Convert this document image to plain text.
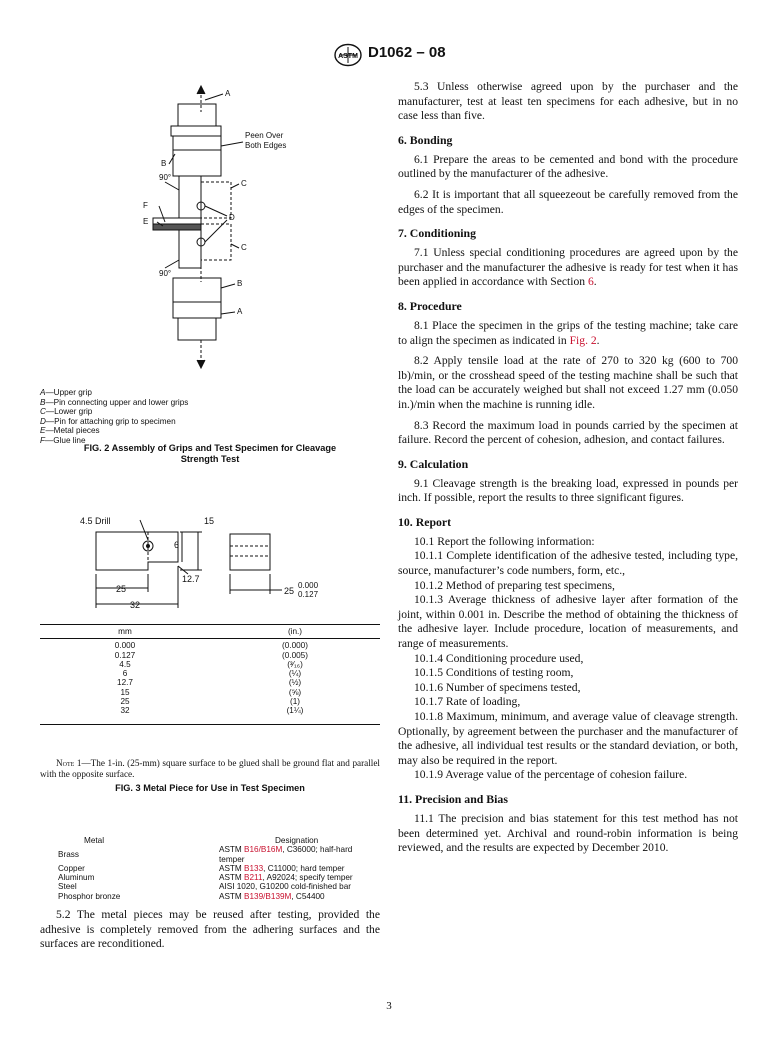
ASTM D1062 – 08
A
Peen Over
Both Edges
B
90°
C
F
E	D
C
90°
B
A
A—Upper grip
B—Pin connecting upper and lower grips
C—Lower grip
D—Pin for attaching grip to specimen
E—Metal pieces
F—Glue line
FIG. 2 Assembly of Grips and Test Specimen for Cleavage
Strength Test
4.5 Drill	15
6
12.7
25
32
25
0.000
0.127
mm	(in.)
0.000	(0.000)
0.127	(0.005)
4.5	(³⁄₁₆)
6	(¼)
12.7	(½)
15	(⅝)
25	(1)
32	(1¼)
Note 1—The 1-in. (25-mm) square surface to be glued shall be ground flat and parallel with the opposite surface.
FIG. 3 Metal Piece for Use in Test Specimen
Metal	Designation
Brass	ASTM B16/B16M, C36000; half-hard temper
Copper	ASTM B133, C11000; hard temper
Aluminum	ASTM B211, A92024; specify temper
Steel	AISI 1020, G10200 cold-finished bar
Phosphor bronze	ASTM B139/B139M, C54400

5.2 The metal pieces may be reused after testing, provided the adhesive is completely removed from the adhering surfaces and the surfaces are reconditioned.

5.3 Unless otherwise agreed upon by the purchaser and the manufacturer, test at least ten specimens for each adhesive, but in no case less than five.

6. Bonding

6.1 Prepare the areas to be cemented and bond with the procedure outlined by the manufacturer of the adhesive.

6.2 It is important that all squeezeout be carefully removed from the edges of the specimen.

7. Conditioning

7.1 Unless special conditioning procedures are agreed upon by the purchaser and the manufacturer the adhesive is ready for test when it has been applied in accordance with Section 6.

8. Procedure

8.1 Place the specimen in the grips of the testing machine; take care to align the specimen as indicated in Fig. 2.

8.2 Apply tensile load at the rate of 270 to 320 kg (600 to 700 lb)/min, or the crosshead speed of the testing machine shall be such that the load can be accurately weighed but shall not exceed 1.27 mm (0.050 in.)/min when the machine is running idle.

8.3 Record the maximum load in pounds carried by the specimen at failure. Record the percent of cohesion, adhesion, and contact failures.

9. Calculation

9.1 Cleavage strength is the breaking load, expressed in pounds per inch. If possible, report the results to three significant figures.

10. Report

10.1 Report the following information:

10.1.1 Complete identification of the adhesive tested, including type, source, manufacturer’s code numbers, form, etc.,

10.1.2 Method of preparing test specimens,

10.1.3 Average thickness of adhesive layer after formation of the joint, within 0.001 in. Describe the method of obtaining the thickness of the adhesive layer. Include procedure, location of measurements, and range of measurements.

10.1.4 Conditioning procedure used,

10.1.5 Conditions of testing room,

10.1.6 Number of specimens tested,

10.1.7 Rate of loading,

10.1.8 Maximum, minimum, and average value of cleavage strength. Optionally, by agreement between the purchaser and the manufacturer of the adhesive, all individual test results or the standard deviation, or both, may also be required in the report.

10.1.9 Average value of the percentage of cohesion failure.

11. Precision and Bias

11.1 The precision and bias statement for this test method has not been determined yet. Archival and round-robin information is being reviewed, and the results are expected by December 2010.

3
